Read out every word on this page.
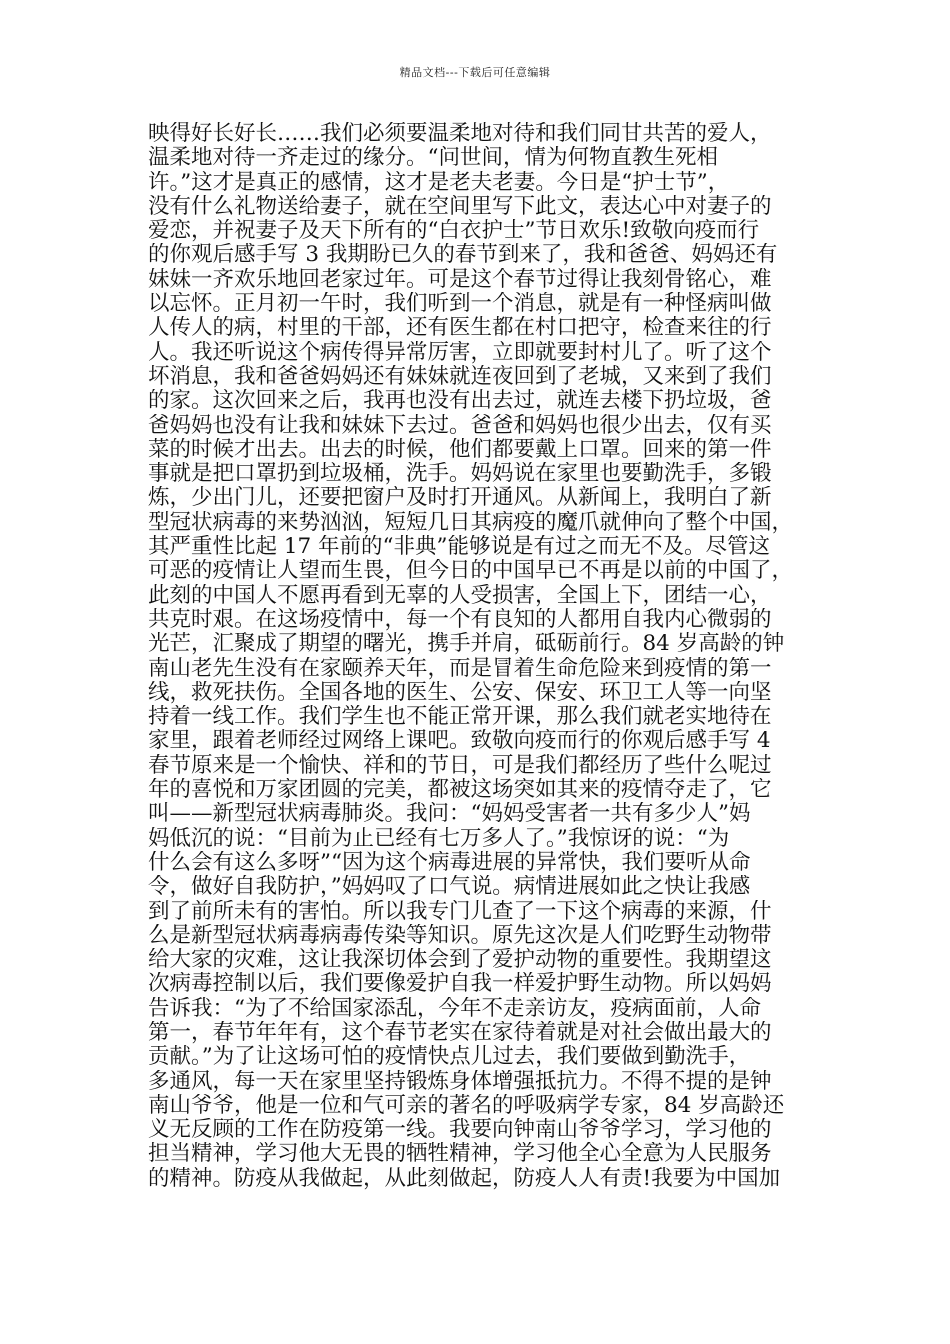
精品文档---下载后可任意编辑
映得好长好长……我们必须要温柔地对待和我们同甘共苦的爱人，
温柔地对待一齐走过的缘分。“问世间，情为何物直教生死相
许。”这才是真正的感情，这才是老夫老妻。今日是“护士节”，
没有什么礼物送给妻子，就在空间里写下此文，表达心中对妻子的
爱恋，并祝妻子及天下所有的“白衣护士”节日欢乐!致敬向疫而行
的你观后感手写 3 我期盼已久的春节到来了，我和爸爸、妈妈还有
妹妹一齐欢乐地回老家过年。可是这个春节过得让我刻骨铭心，难
以忘怀。正月初一午时，我们听到一个消息，就是有一种怪病叫做
人传人的病，村里的干部，还有医生都在村口把守，检查来往的行
人。我还听说这个病传得异常厉害，立即就要封村儿了。听了这个
坏消息，我和爸爸妈妈还有妹妹就连夜回到了老城，又来到了我们
的家。这次回来之后，我再也没有出去过，就连去楼下扔垃圾，爸
爸妈妈也没有让我和妹妹下去过。爸爸和妈妈也很少出去，仅有买
菜的时候才出去。出去的时候，他们都要戴上口罩。回来的第一件
事就是把口罩扔到垃圾桶，洗手。妈妈说在家里也要勤洗手，多锻
炼，少出门儿，还要把窗户及时打开通风。从新闻上，我明白了新
型冠状病毒的来势汹汹，短短几日其病疫的魔爪就伸向了整个中国，
其严重性比起 17 年前的“非典”能够说是有过之而无不及。尽管这
可恶的疫情让人望而生畏，但今日的中国早已不再是以前的中国了，
此刻的中国人不愿再看到无辜的人受损害，全国上下，团结一心，
共克时艰。在这场疫情中，每一个有良知的人都用自我内心微弱的
光芒，汇聚成了期望的曙光，携手并肩，砥砺前行。84 岁高龄的钟
南山老先生没有在家颐养天年，而是冒着生命危险来到疫情的第一
线，救死扶伤。全国各地的医生、公安、保安、环卫工人等一向坚
持着一线工作。我们学生也不能正常开课，那么我们就老实地待在
家里，跟着老师经过网络上课吧。致敬向疫而行的你观后感手写 4
春节原来是一个愉快、祥和的节日，可是我们都经历了些什么呢过
年的喜悦和万家团圆的完美，都被这场突如其来的疫情夺走了，它
叫——新型冠状病毒肺炎。我问：“妈妈受害者一共有多少人”妈
妈低沉的说：“目前为止已经有七万多人了。”我惊讶的说：“为
什么会有这么多呀”“因为这个病毒进展的异常快，我们要听从命
令，做好自我防护，”妈妈叹了口气说。病情进展如此之快让我感
到了前所未有的害怕。所以我专门儿查了一下这个病毒的来源，什
么是新型冠状病毒病毒传染等知识。原先这次是人们吃野生动物带
给大家的灾难，这让我深切体会到了爱护动物的重要性。我期望这
次病毒控制以后，我们要像爱护自我一样爱护野生动物。所以妈妈
告诉我：“为了不给国家添乱，今年不走亲访友，疫病面前，人命
第一，春节年年有，这个春节老实在家待着就是对社会做出最大的
贡献。”为了让这场可怕的疫情快点儿过去，我们要做到勤洗手，
多通风，每一天在家里坚持锻炼身体增强抵抗力。不得不提的是钟
南山爷爷，他是一位和气可亲的著名的呼吸病学专家，84 岁高龄还
义无反顾的工作在防疫第一线。我要向钟南山爷爷学习，学习他的
担当精神，学习他大无畏的牺牲精神，学习他全心全意为人民服务
的精神。防疫从我做起，从此刻做起，防疫人人有责!我要为中国加
